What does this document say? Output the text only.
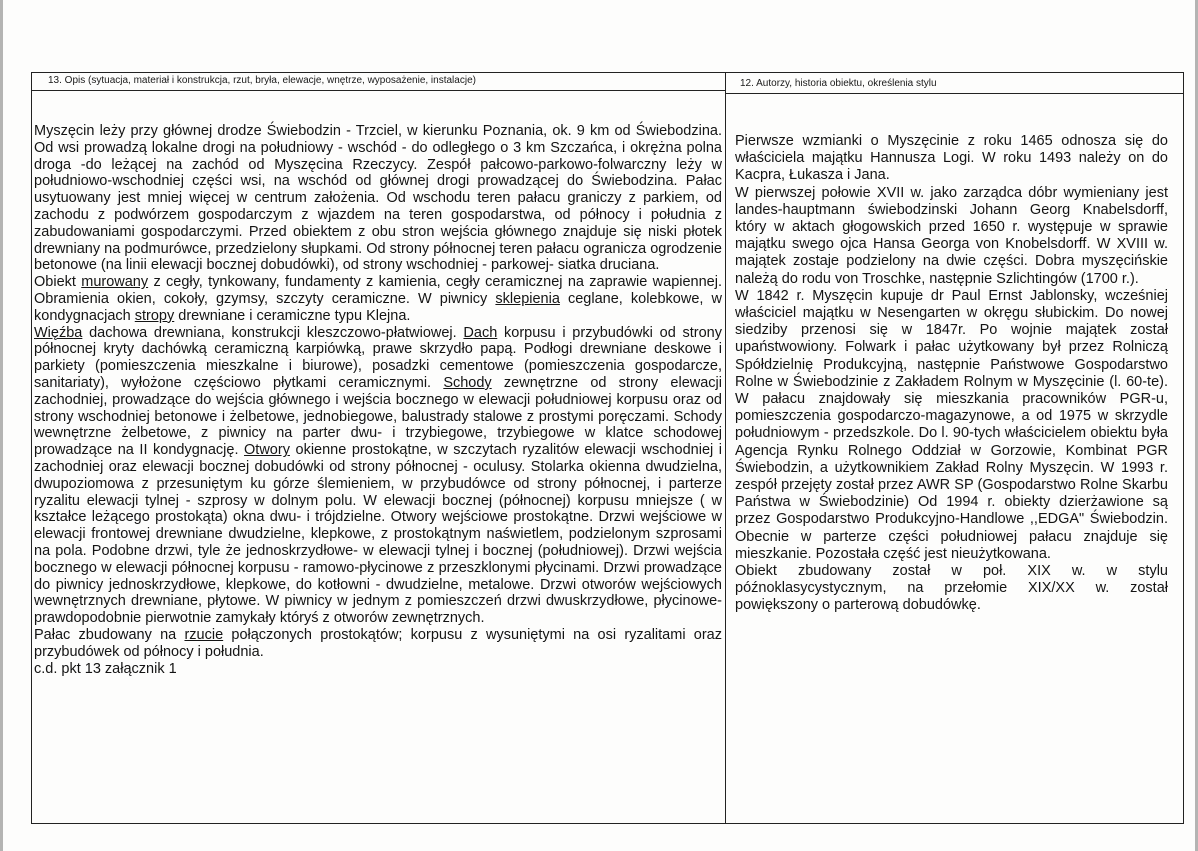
13. Opis (sytuacja, materiał i konstrukcja, rzut, bryła, elewacje, wnętrze, wyposażenie, instalacje)	12. Autorzy, historia obiektu, określenia stylu

Myszęcin leży przy głównej drodze Świebodzin - Trzciel, w kierunku Poznania, ok. 9 km od Świebodzina. Od wsi prowadzą lokalne drogi na południowy - wschód - do odległego o 3 km Szczańca, i okrężna polna droga -do leżącej na zachód od Myszęcina Rzeczycy. Zespół pałcowo-parkowo-folwarczny leży w południowo-wschodniej części wsi, na wschód od głównej drogi prowadzącej do Świebodzina. Pałac usytuowany jest mniej więcej w centrum założenia. Od wschodu teren pałacu graniczy z parkiem, od zachodu z podwórzem gospodarczym z wjazdem na teren gospodarstwa, od północy i południa z zabudowaniami gospodarczymi. Przed obiektem z obu stron wejścia głównego znajduje się niski płotek drewniany na podmurówce, przedzielony słupkami. Od strony północnej teren pałacu ogranicza ogrodzenie betonowe (na linii elewacji bocznej dobudówki), od strony wschodniej - parkowej- siatka druciana.

Obiekt murowany z cegły, tynkowany, fundamenty z kamienia, cegły ceramicznej na zaprawie wapiennej. Obramienia okien, cokoły, gzymsy, szczyty ceramiczne. W piwnicy sklepienia ceglane, kolebkowe, w kondygnacjach stropy drewniane i ceramiczne typu Klejna.

Więźba dachowa drewniana, konstrukcji kleszczowo-płatwiowej. Dach korpusu i przybudówki od strony północnej kryty dachówką ceramiczną karpiówką, prawe skrzydło papą. Podłogi drewniane deskowe i parkiety (pomieszczenia mieszkalne i biurowe), posadzki cementowe (pomieszczenia gospodarcze, sanitariaty), wyłożone częściowo płytkami ceramicznymi. Schody zewnętrzne od strony elewacji zachodniej, prowadzące do wejścia głównego i wejścia bocznego w elewacji południowej korpusu oraz od strony wschodniej betonowe i żelbetowe, jednobiegowe, balustrady stalowe z prostymi poręczami. Schody wewnętrzne żelbetowe, z piwnicy na parter dwu- i trzybiegowe, trzybiegowe w klatce schodowej prowadzące na II kondygnację. Otwory okienne prostokątne, w szczytach ryzalitów elewacji wschodniej i zachodniej oraz elewacji bocznej dobudówki od strony północnej - oculusy. Stolarka okienna dwudzielna, dwupoziomowa z przesuniętym ku górze ślemieniem, w przybudówce od strony północnej, i parterze ryzalitu elewacji tylnej - szprosy w dolnym polu. W elewacji bocznej (północnej) korpusu mniejsze ( w kształce leżącego prostokąta) okna dwu- i trójdzielne. Otwory wejściowe prostokątne. Drzwi wejściowe w elewacji frontowej drewniane dwudzielne, klepkowe, z prostokątnym naświetlem, podzielonym szprosami na pola. Podobne drzwi, tyle że jednoskrzydłowe- w elewacji tylnej i bocznej (południowej). Drzwi wejścia bocznego w elewacji północnej korpusu - ramowo-płycinowe z przeszklonymi płycinami. Drzwi prowadzące do piwnicy jednoskrzydłowe, klepkowe, do kotłowni - dwudzielne, metalowe. Drzwi otworów wejściowych wewnętrznych drewniane, płytowe. W piwnicy w jednym z pomieszczeń drzwi dwuskrzydłowe, płycinowe-prawdopodobnie pierwotnie zamykały któryś z otworów zewnętrznych.

Pałac zbudowany na rzucie połączonych prostokątów; korpusu z wysuniętymi na osi ryzalitami oraz przybudówek od północy i południa.

c.d. pkt 13 załącznik 1

Pierwsze wzmianki o Myszęcinie z roku 1465 odnosza się do właściciela majątku Hannusza Logi. W roku 1493 należy on do Kacpra, Łukasza i Jana.

W pierwszej połowie XVII w. jako zarządca dóbr wymieniany jest landes-hauptmann świebodzinski Johann Georg Knabelsdorff, który w aktach głogowskich przed 1650 r. występuje w sprawie majątku swego ojca Hansa Georga von Knobelsdorff. W XVIII w. majątek zostaje podzielony na dwie części. Dobra myszęcińskie należą do rodu von Troschke, następnie Szlichtingów (1700 r.).

W 1842 r. Myszęcin kupuje dr Paul Ernst Jablonsky, wcześniej właściciel majątku w Nesengarten w okręgu słubickim. Do nowej siedziby przenosi się w 1847r. Po wojnie majątek został upaństwowiony. Folwark i pałac użytkowany był przez Rolniczą Spółdzielnię Produkcyjną, następnie Państwowe Gospodarstwo Rolne w Świebodzinie z Zakładem Rolnym w Myszęcinie (l. 60-te). W pałacu znajdowały się mieszkania pracowników PGR-u, pomieszczenia gospodarczo-magazynowe, a od 1975 w skrzydle południowym - przedszkole. Do l. 90-tych właścicielem obiektu była Agencja Rynku Rolnego Oddział w Gorzowie, Kombinat PGR Świebodzin, a użytkownikiem Zakład Rolny Myszęcin. W 1993 r. zespół przejęty został przez AWR SP (Gospodarstwo Rolne Skarbu Państwa w Świebodzinie) Od 1994 r. obiekty dzierżawione są przez Gospodarstwo Produkcyjno-Handlowe ,,EDGA" Świebodzin. Obecnie w parterze części południowej pałacu znajduje się mieszkanie. Pozostała część jest nieużytkowana.

Obiekt zbudowany został w poł. XIX w. w stylu późnoklasycystycznym, na przełomie XIX/XX w. został powiększony o parterową dobudówkę.
